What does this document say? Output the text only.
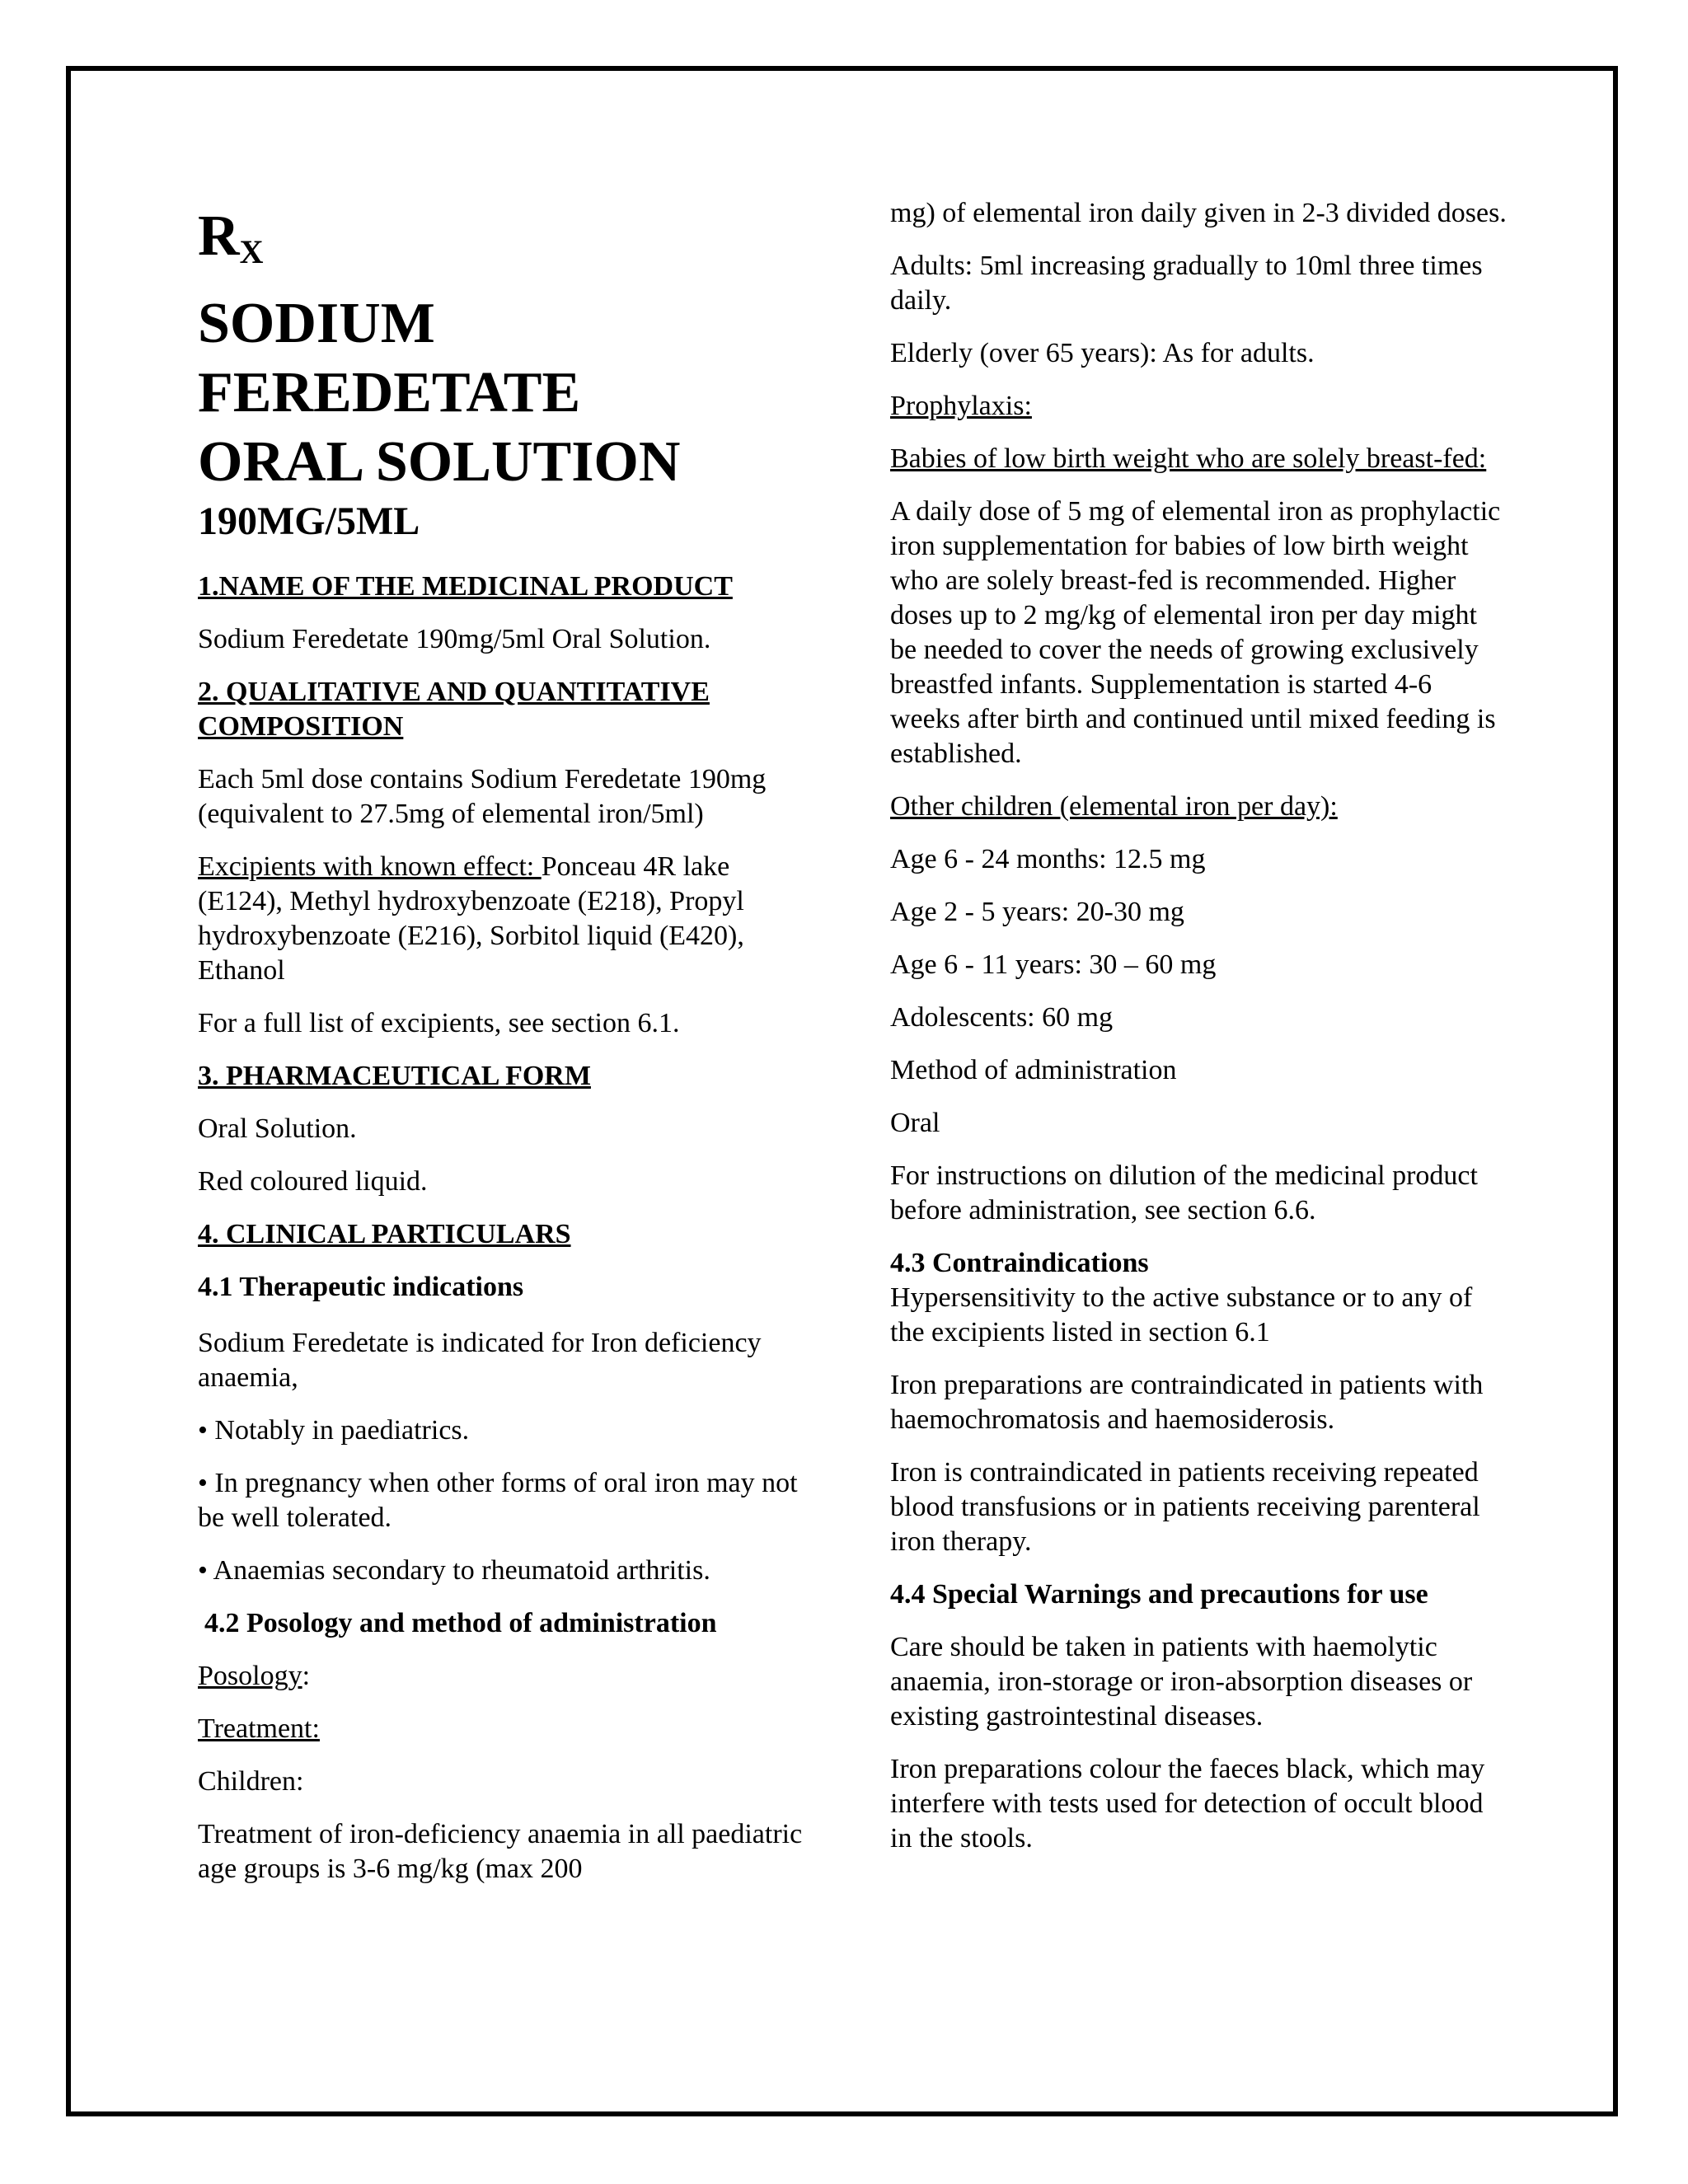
$R_X$
SODIUM
FEREDETATE
ORAL SOLUTION
190MG/5ML

1.NAME OF THE MEDICINAL PRODUCT

Sodium Feredetate 190mg/5ml Oral Solution.

2. QUALITATIVE AND QUANTITATIVE COMPOSITION

Each 5ml dose contains Sodium Feredetate 190mg (equivalent to 27.5mg of elemental iron/5ml)

Excipients with known effect: Ponceau 4R lake (E124), Methyl hydroxybenzoate (E218), Propyl hydroxybenzoate (E216), Sorbitol liquid (E420), Ethanol

For a full list of excipients, see section 6.1.

3. PHARMACEUTICAL FORM

Oral Solution.

Red coloured liquid.

4. CLINICAL PARTICULARS

4.1 Therapeutic indications

Sodium Feredetate is indicated for Iron deficiency anaemia,

• Notably in paediatrics.

• In pregnancy when other forms of oral iron may not be well tolerated.

• Anaemias secondary to rheumatoid arthritis.

4.2 Posology and method of administration

Posology:

Treatment:

Children:

Treatment of iron-deficiency anaemia in all paediatric age groups is 3-6 mg/kg (max 200

mg) of elemental iron daily given in 2-3 divided doses.

Adults: 5ml increasing gradually to 10ml three times daily.

Elderly (over 65 years): As for adults.

Prophylaxis:

Babies of low birth weight who are solely breast-fed:

A daily dose of 5 mg of elemental iron as prophylactic iron supplementation for babies of low birth weight who are solely breast-fed is recommended. Higher doses up to 2 mg/kg of elemental iron per day might be needed to cover the needs of growing exclusively breastfed infants. Supplementation is started 4-6 weeks after birth and continued until mixed feeding is established.

Other children (elemental iron per day):

Age 6 - 24 months: 12.5 mg

Age 2 - 5 years: 20-30 mg

Age 6 - 11 years: 30 – 60 mg

Adolescents: 60 mg

Method of administration

Oral

For instructions on dilution of the medicinal product before administration, see section 6.6.

4.3 Contraindications

Hypersensitivity to the active substance or to any of the excipients listed in section 6.1

Iron preparations are contraindicated in patients with haemochromatosis and haemosiderosis.

Iron is contraindicated in patients receiving repeated blood transfusions or in patients receiving parenteral iron therapy.

4.4 Special Warnings and precautions for use

Care should be taken in patients with haemolytic anaemia, iron-storage or iron-absorption diseases or existing gastrointestinal diseases.

Iron preparations colour the faeces black, which may interfere with tests used for detection of occult blood in the stools.
